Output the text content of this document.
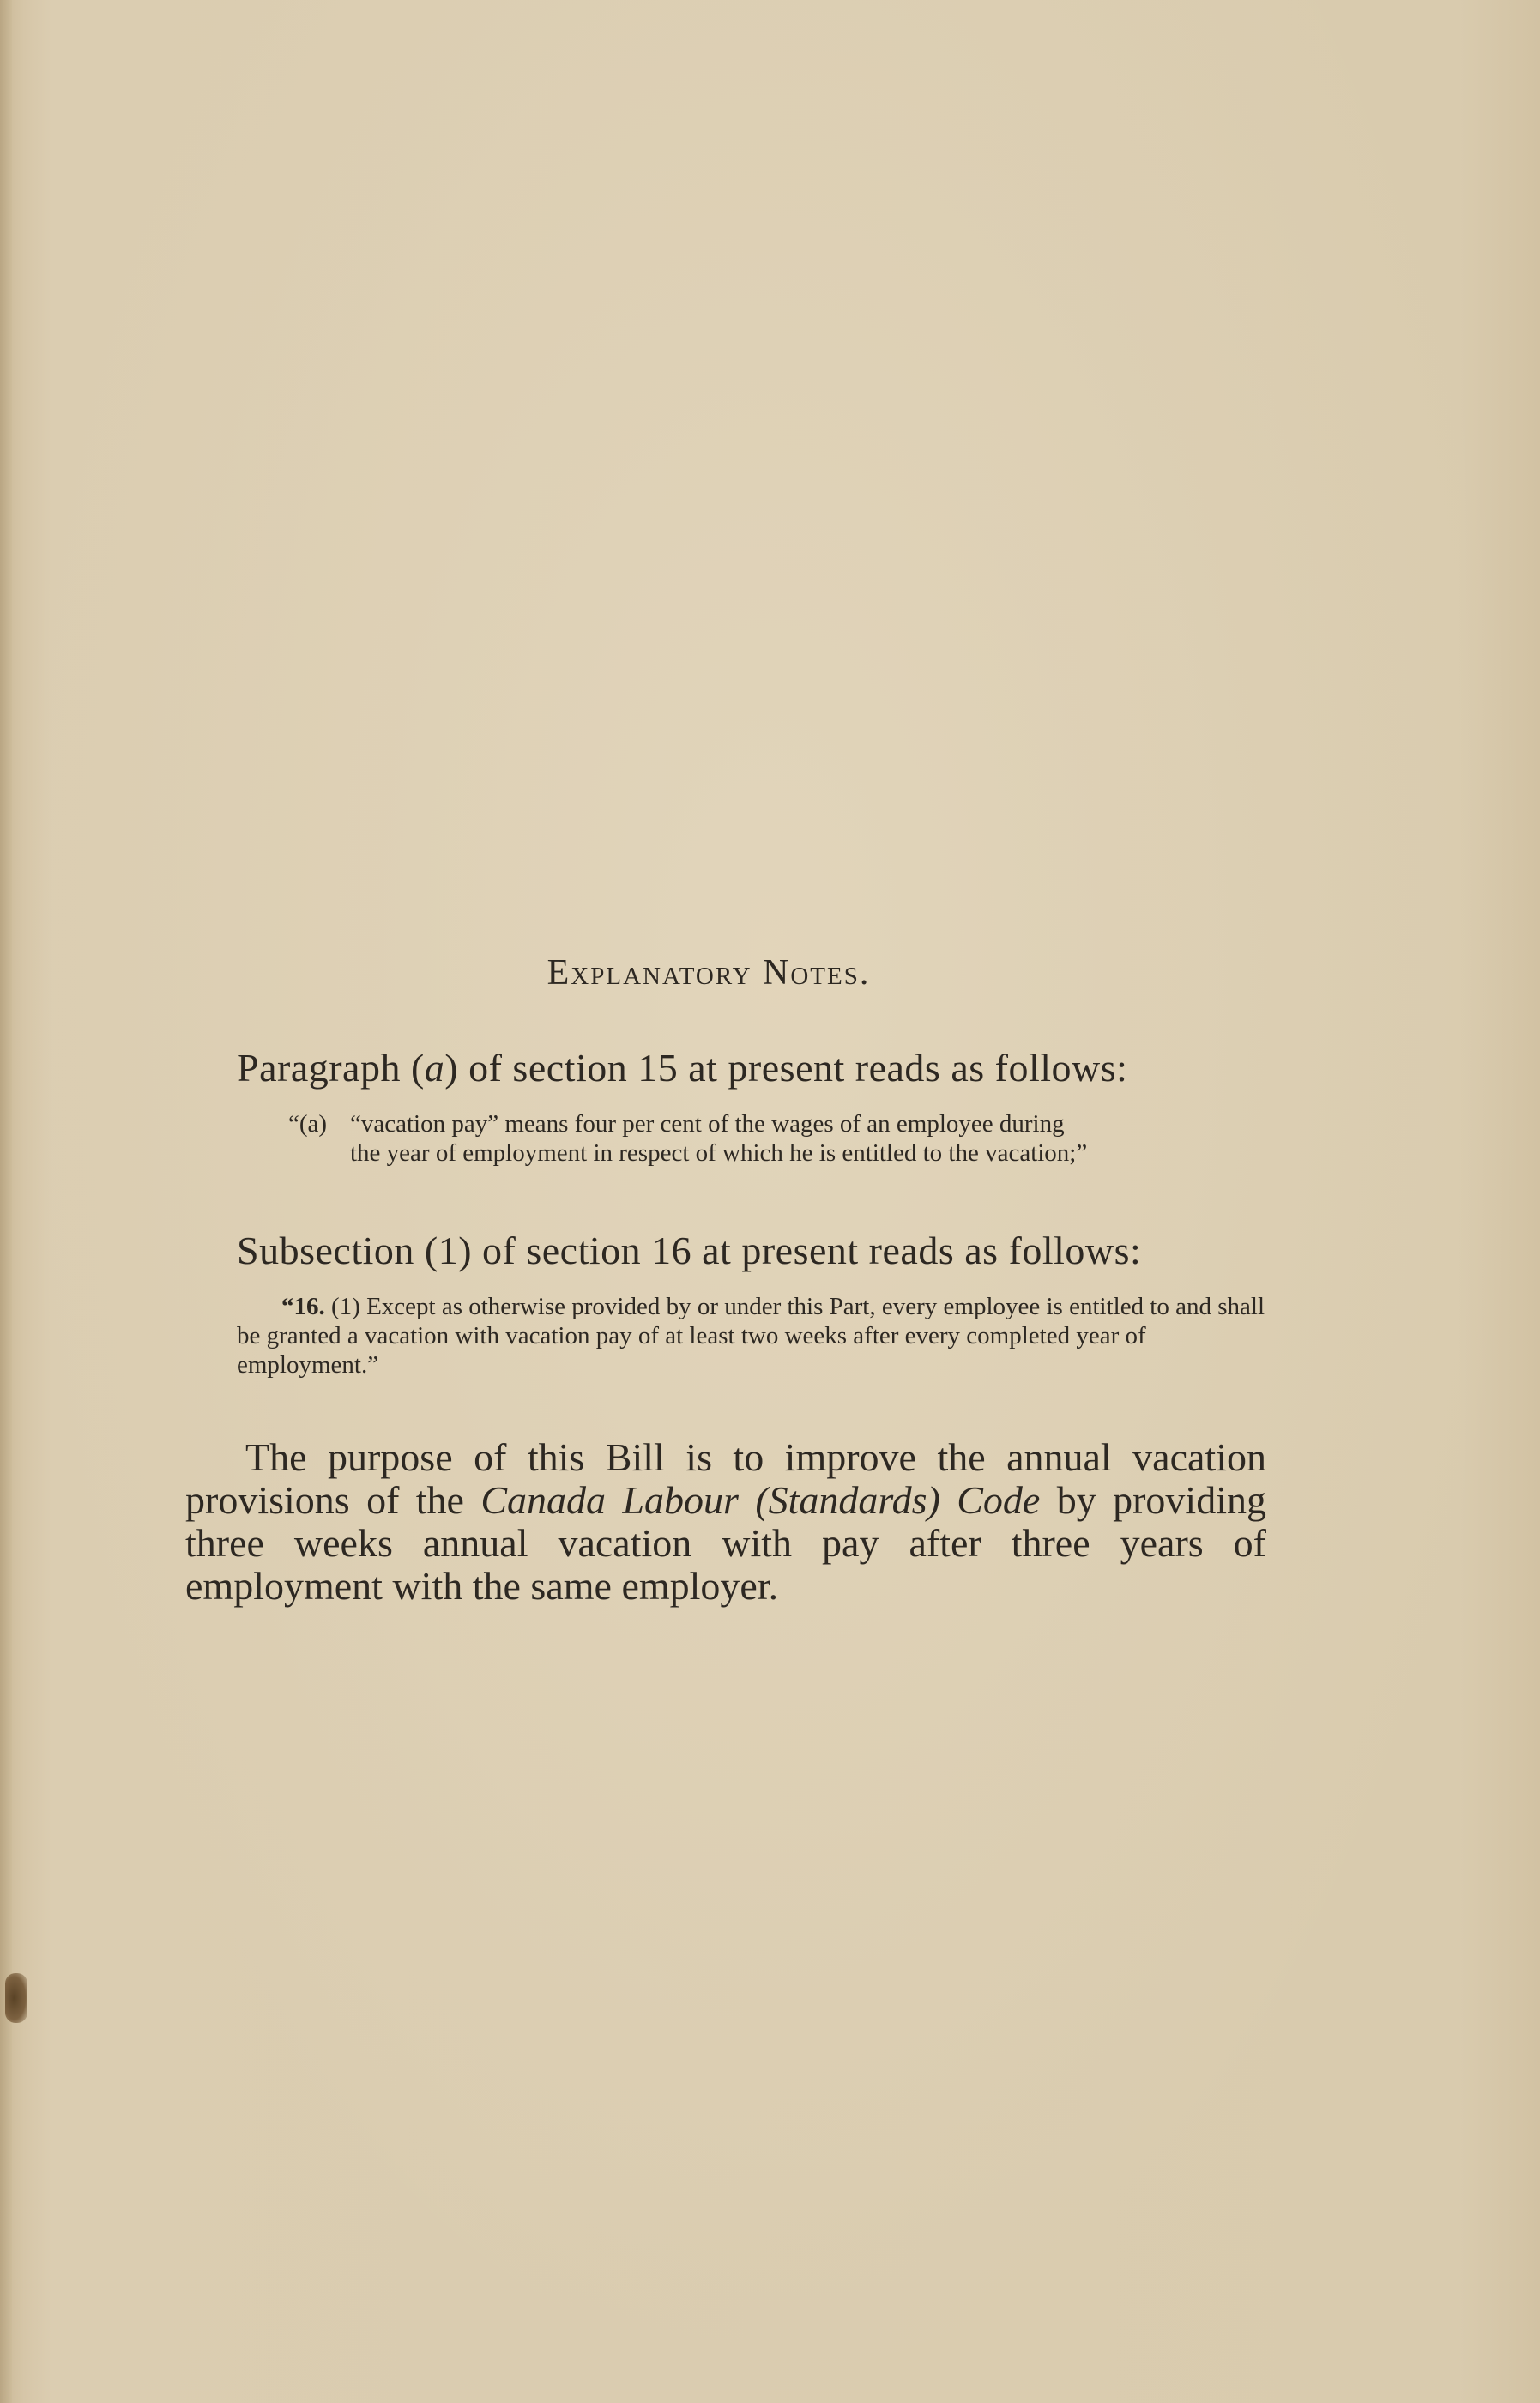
Explanatory Notes.
Paragraph (a) of section 15 at present reads as follows:
“(a) “vacation pay” means four per cent of the wages of an employee during
the year of employment in respect of which he is entitled to the vacation;”
Subsection (1) of section 16 at present reads as follows:
“16. (1) Except as otherwise provided by or under this Part, every employee is entitled to and shall be granted a vacation with vacation pay of at least two weeks after every completed year of employment.”

The purpose of this Bill is to improve the annual vacation provisions of the Canada Labour (Standards) Code by providing three weeks annual vacation with pay after three years of employment with the same employer.
